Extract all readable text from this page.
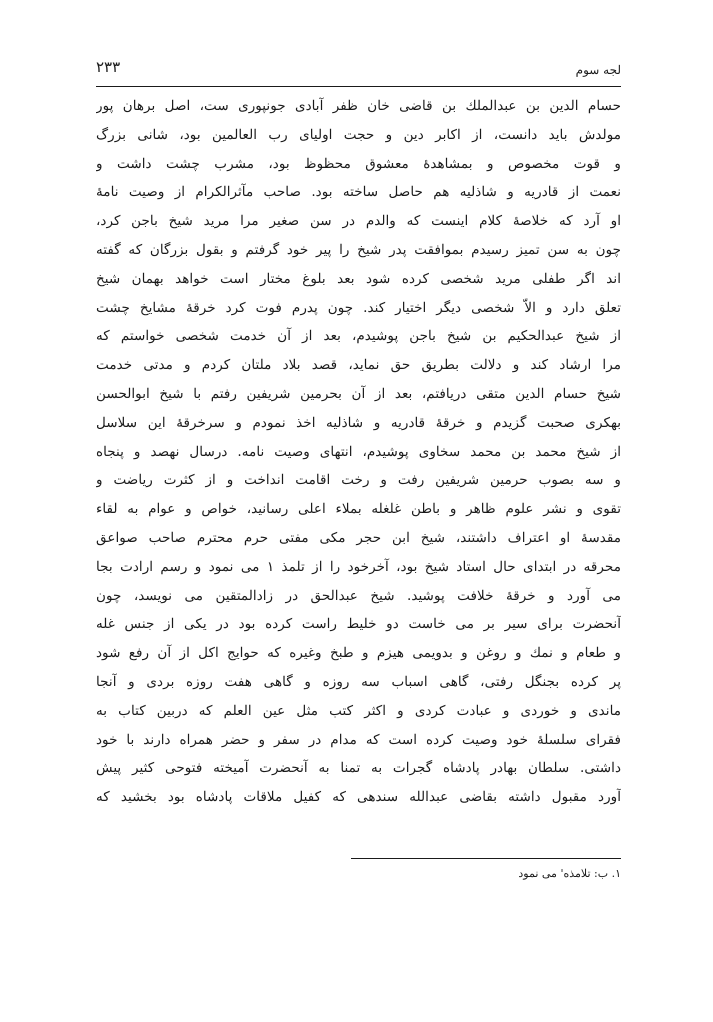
لجه سوم
۲۳۳
حسام الدین بن عبدالملك بن قاضی خان ظفر آبادی جونپوری ست، اصل برهان پور
مولدش باید دانست، از اکابر دین و حجت اولیای رب العالمین بود، شانی بزرگ
و قوت مخصوص و بمشاهدهٔ معشوق محظوظ بود، مشرب چشت داشت و
نعمت از قادریه و شاذلیه هم حاصل ساخته بود. صاحب مآثرالکرام از وصیت نامهٔ
او آرد که خلاصهٔ کلام اینست که والدم در سن صغیر مرا مرید شیخ باجن کرد،
چون به سن تمیز رسیدم بموافقت پدر شیخ را پیر خود گرفتم و بقول بزرگان که گفته
اند اگر طفلی مرید شخصی کرده شود بعد بلوغ مختار است خواهد بهمان شیخ
تعلق دارد و الاّ شخصی دیگر اختیار کند. چون پدرم فوت کرد خرقهٔ مشایخ چشت
از شیخ عبدالحکیم بن شیخ باجن پوشیدم، بعد از آن خدمت شخصی خواستم که
مرا ارشاد کند و دلالت بطریق حق نماید، قصد بلاد ملتان کردم و مدتی خدمت
شیخ حسام الدین متقی دریافتم، بعد از آن بحرمین شریفین رفتم با شیخ ابوالحسن
بهکری صحبت گزیدم و خرقهٔ قادریه و شاذلیه اخذ نمودم و سرخرقهٔ این سلاسل
از شیخ محمد بن محمد سخاوی پوشیدم، انتهای وصیت نامه. درسال نهصد و پنجاه
و سه بصوب حرمین شریفین رفت و رخت اقامت انداخت و از کثرت ریاضت و
تقوی و نشر علوم ظاهر و باطن غلغله بملاء اعلی رسانید، خواص و عوام به لقاء
مقدسهٔ او اعتراف داشتند، شیخ ابن حجر مکی مفتی حرم محترم صاحب صواعق
محرقه در ابتدای حال استاد شیخ بود، آخرخود را از تلمذ ۱ می نمود و رسم ارادت بجا
می آورد و خرقهٔ خلافت پوشید. شیخ عبدالحق در زادالمتقین می نویسد، چون
آنحضرت برای سیر بر می خاست دو خلیط راست کرده بود در یکی از جنس غله
و طعام و نمك و روغن و بدویمی هیزم و طبخ وغیره که حوایج اکل از آن رفع شود
پر کرده بجنگل رفتی، گاهی اسباب سه روزه و گاهی هفت روزه بردی و آنجا
ماندی و خوردی و عبادت کردی و اکثر کتب مثل عین العلم که دربین کتاب به
فقرای سلسلهٔ خود وصیت کرده است که مدام در سفر و حضر همراه دارند با خود
داشتی. سلطان بهادر پادشاه گجرات به تمنا به آنحضرت آمیخته فتوحی کثیر پیش
آورد مقبول داشته بقاضی عبدالله سندهی که کفیل ملاقات پادشاه بود بخشید که
۱. ب: تلامذه' می نمود
